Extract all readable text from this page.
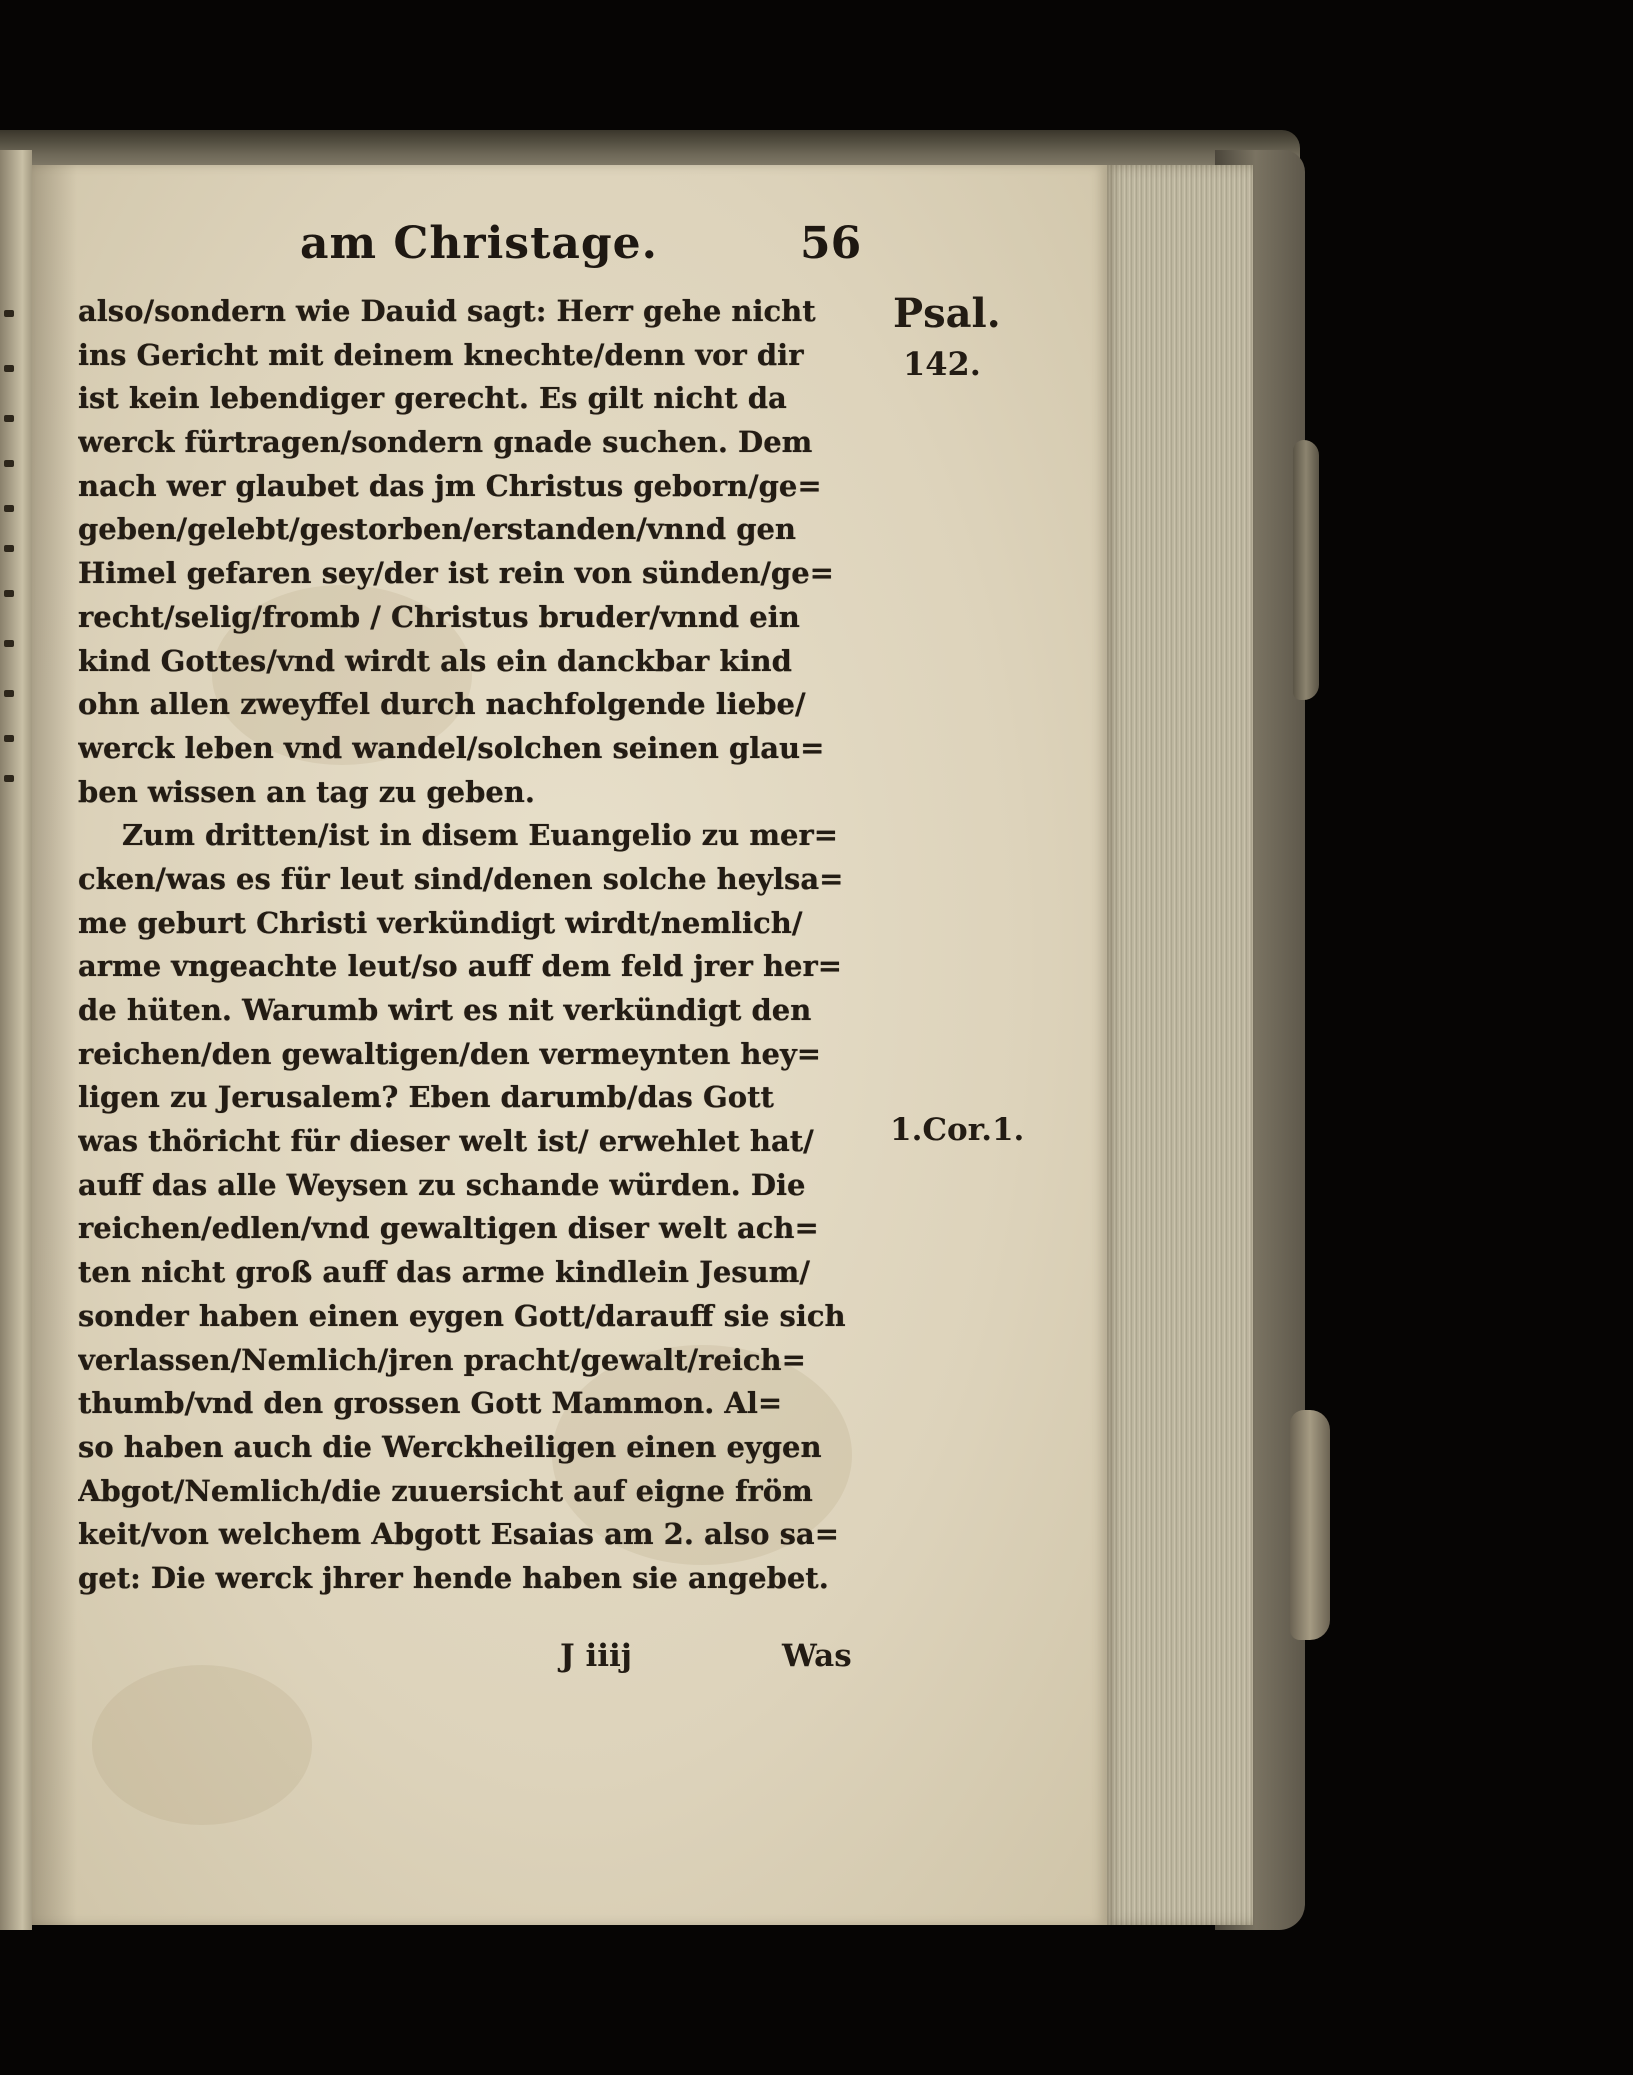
am Christage.	56
also/sondern wie Dauid sagt: Herr gehe nicht
ins Gericht mit deinem knechte/denn vor dir
ist kein lebendiger gerecht. Es gilt nicht da
werck fürtragen/sondern gnade suchen. Dem
nach wer glaubet das jm Christus geborn/ge=
geben/gelebt/gestorben/erstanden/vnnd gen
Himel gefaren sey/der ist rein von sünden/ge=
recht/selig/fromb / Christus bruder/vnnd ein
kind Gottes/vnd wirdt als ein danckbar kind
ohn allen zweyffel durch nachfolgende liebe/
werck leben vnd wandel/solchen seinen glau=
ben wissen an tag zu geben.
Zum dritten/ist in disem Euangelio zu mer=
cken/was es für leut sind/denen solche heylsa=
me geburt Christi verkündigt wirdt/nemlich/
arme vngeachte leut/so auff dem feld jrer her=
de hüten. Warumb wirt es nit verkündigt den
reichen/den gewaltigen/den vermeynten hey=
ligen zu Jerusalem? Eben darumb/das Gott
was thöricht für dieser welt ist/ erwehlet hat/
auff das alle Weysen zu schande würden. Die
reichen/edlen/vnd gewaltigen diser welt ach=
ten nicht groß auff das arme kindlein Jesum/
sonder haben einen eygen Gott/darauff sie sich
verlassen/Nemlich/jren pracht/gewalt/reich=
thumb/vnd den grossen Gott Mammon. Al=
so haben auch die Werckheiligen einen eygen
Abgot/Nemlich/die zuuersicht auf eigne fröm
keit/von welchem Abgott Esaias am 2. also sa=
get: Die werck jhrer hende haben sie angebet.
Psal.
142.
1.Cor.1.
J iiij	Was
